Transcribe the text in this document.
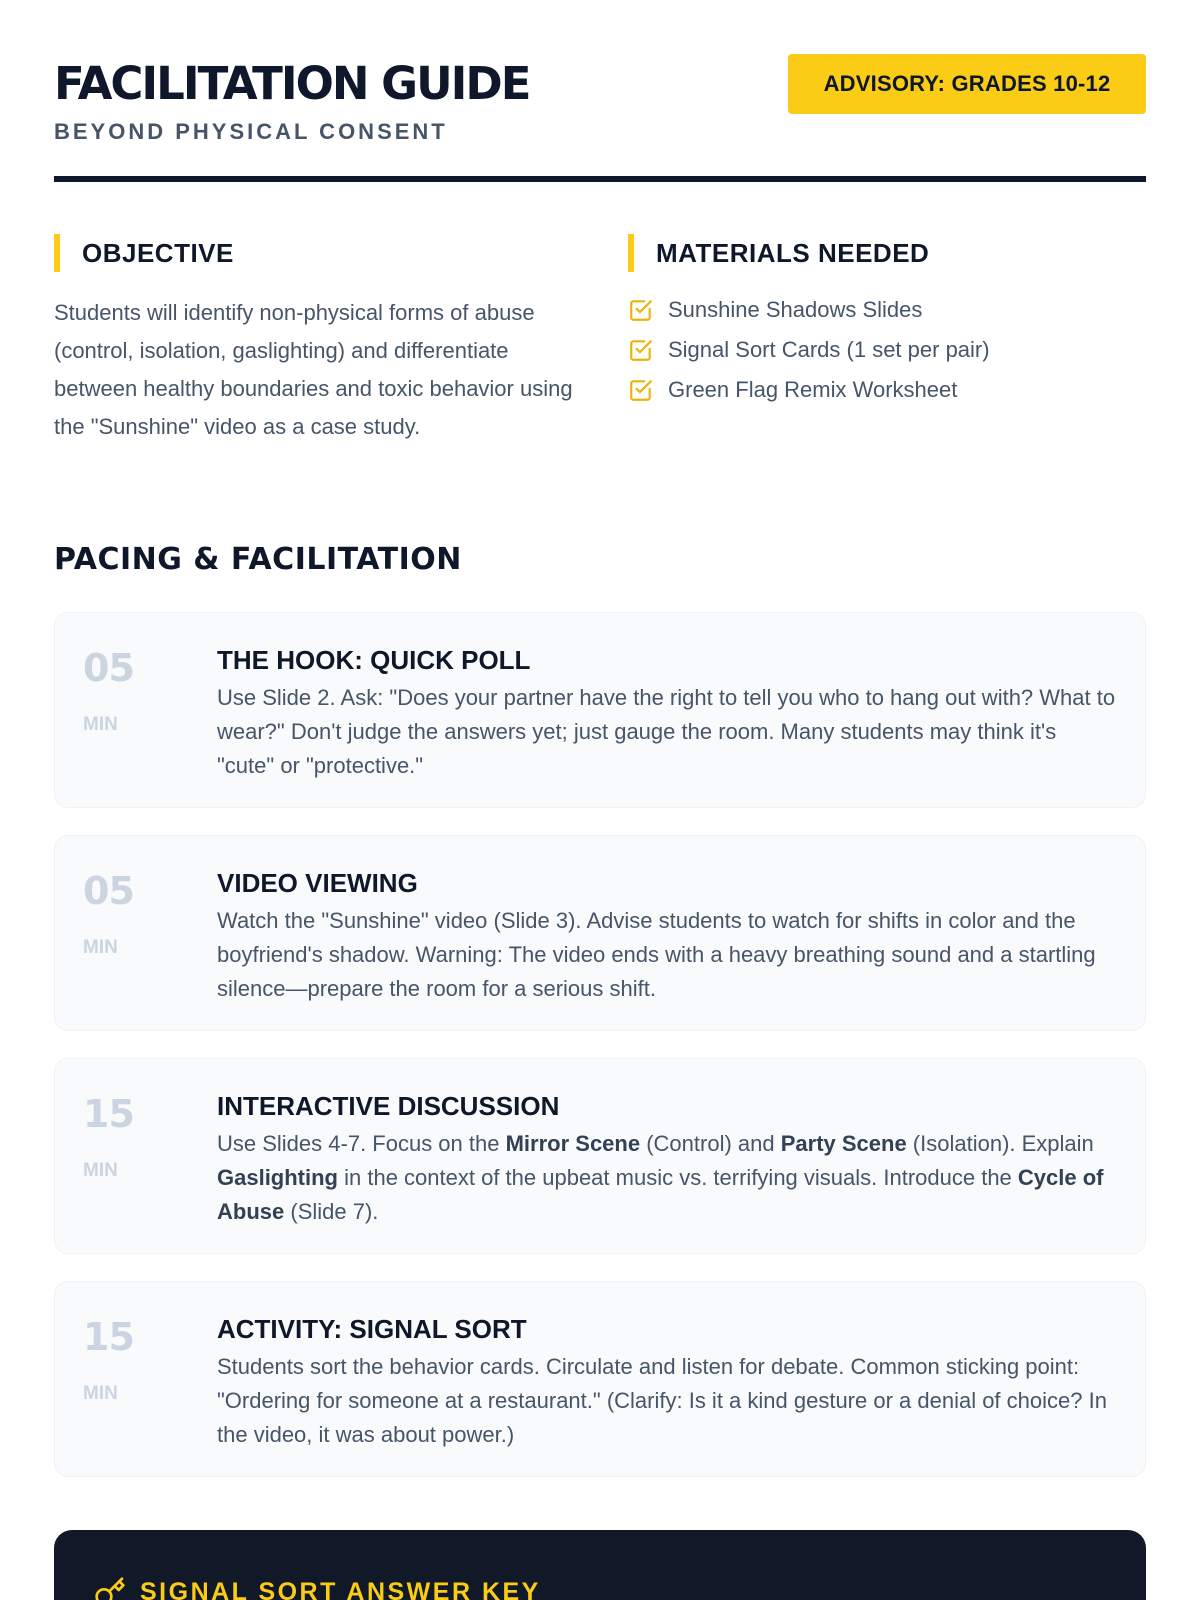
FACILITATION GUIDE
BEYOND PHYSICAL CONSENT
ADVISORY: GRADES 10-12
OBJECTIVE

Students will identify non-physical forms of abuse (control, isolation, gaslighting) and differentiate between healthy boundaries and toxic behavior using the "Sunshine" video as a case study.

MATERIALS NEEDED
Sunshine Shadows Slides
Signal Sort Cards (1 set per pair)
Green Flag Remix Worksheet
PACING & FACILITATION
05
MIN
THE HOOK: QUICK POLL
Use Slide 2. Ask: "Does your partner have the right to tell you who to hang out with? What to wear?" Don't judge the answers yet; just gauge the room. Many students may think it's "cute" or "protective."
05
MIN
VIDEO VIEWING
Watch the "Sunshine" video (Slide 3). Advise students to watch for shifts in color and the boyfriend's shadow. Warning: The video ends with a heavy breathing sound and a startling silence—prepare the room for a serious shift.
15
MIN
INTERACTIVE DISCUSSION
Use Slides 4-7. Focus on the Mirror Scene (Control) and Party Scene (Isolation). Explain Gaslighting in the context of the upbeat music vs. terrifying visuals. Introduce the Cycle of Abuse (Slide 7).
15
MIN
ACTIVITY: SIGNAL SORT
Students sort the behavior cards. Circulate and listen for debate. Common sticking point: "Ordering for someone at a restaurant." (Clarify: Is it a kind gesture or a denial of choice? In the video, it was about power.)
SIGNAL SORT ANSWER KEY
